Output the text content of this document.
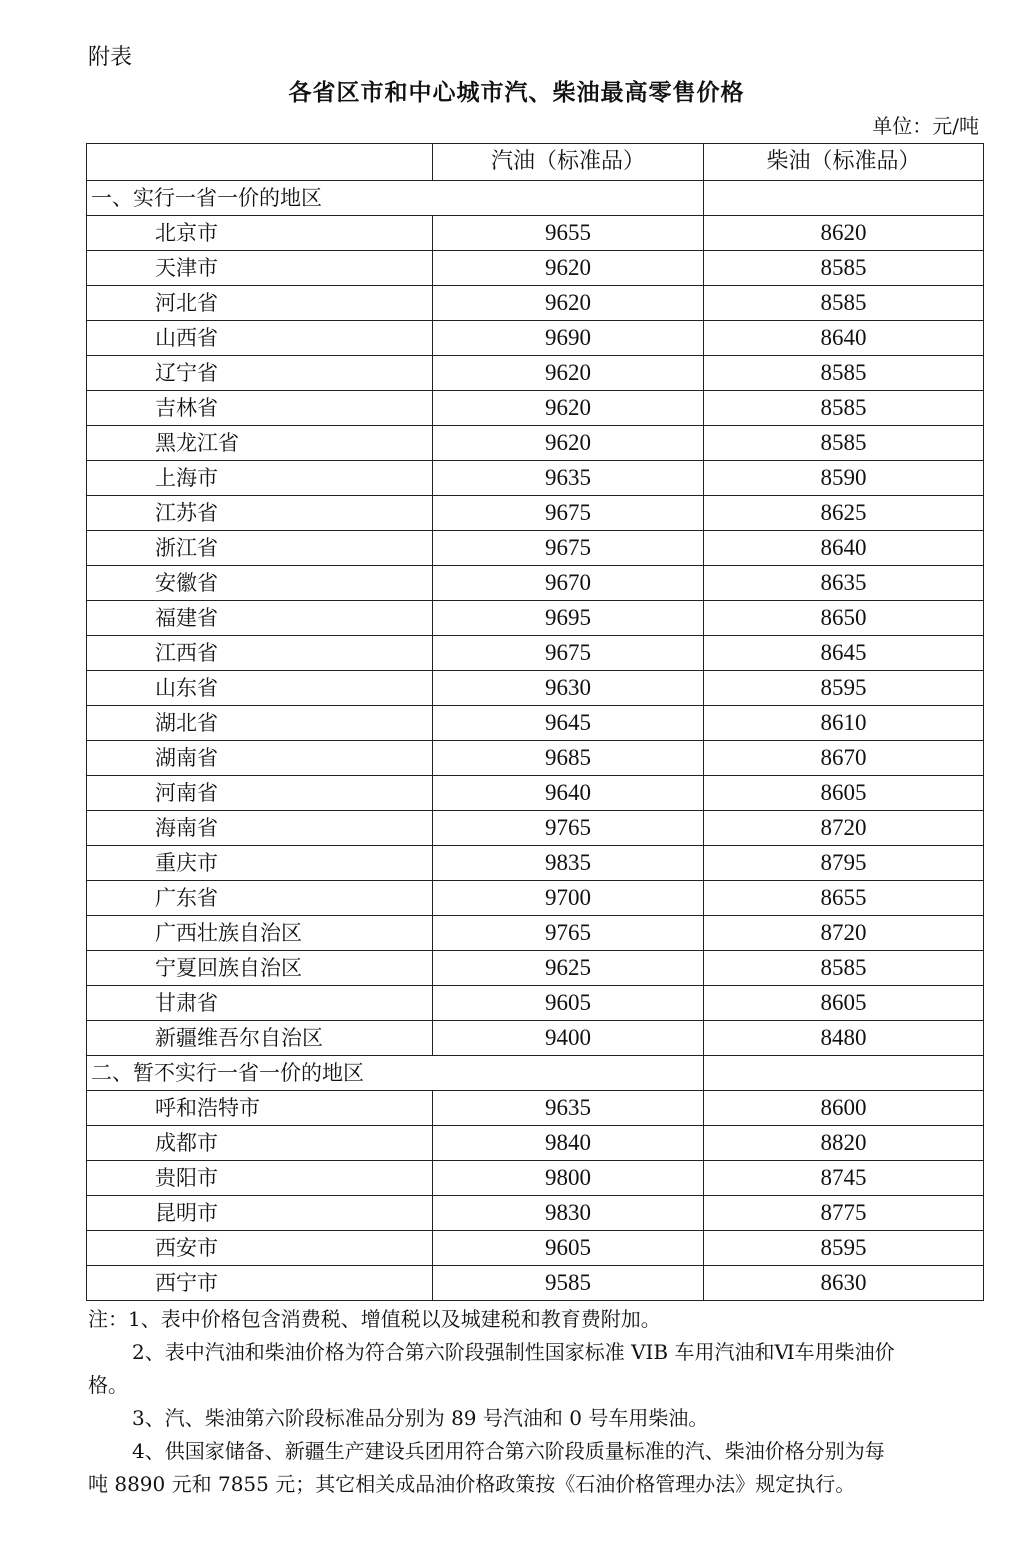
附表
各省区市和中心城市汽、柴油最高零售价格
单位：元/吨
	汽油（标准品）	柴油（标准品）
一、实行一省一价的地区		
北京市	9655	8620
天津市	9620	8585
河北省	9620	8585
山西省	9690	8640
辽宁省	9620	8585
吉林省	9620	8585
黑龙江省	9620	8585
上海市	9635	8590
江苏省	9675	8625
浙江省	9675	8640
安徽省	9670	8635
福建省	9695	8650
江西省	9675	8645
山东省	9630	8595
湖北省	9645	8610
湖南省	9685	8670
河南省	9640	8605
海南省	9765	8720
重庆市	9835	8795
广东省	9700	8655
广西壮族自治区	9765	8720
宁夏回族自治区	9625	8585
甘肃省	9605	8605
新疆维吾尔自治区	9400	8480
二、暂不实行一省一价的地区		
呼和浩特市	9635	8600
成都市	9840	8820
贵阳市	9800	8745
昆明市	9830	8775
西安市	9605	8595
西宁市	9585	8630

注：1、表中价格包含消费税、增值税以及城建税和教育费附加。

2、表中汽油和柴油价格为符合第六阶段强制性国家标准 VIB 车用汽油和Ⅵ车用柴油价

格。

3、汽、柴油第六阶段标准品分别为 89 号汽油和 0 号车用柴油。

4、供国家储备、新疆生产建设兵团用符合第六阶段质量标准的汽、柴油价格分别为每

吨 8890 元和 7855 元；其它相关成品油价格政策按《石油价格管理办法》规定执行。
